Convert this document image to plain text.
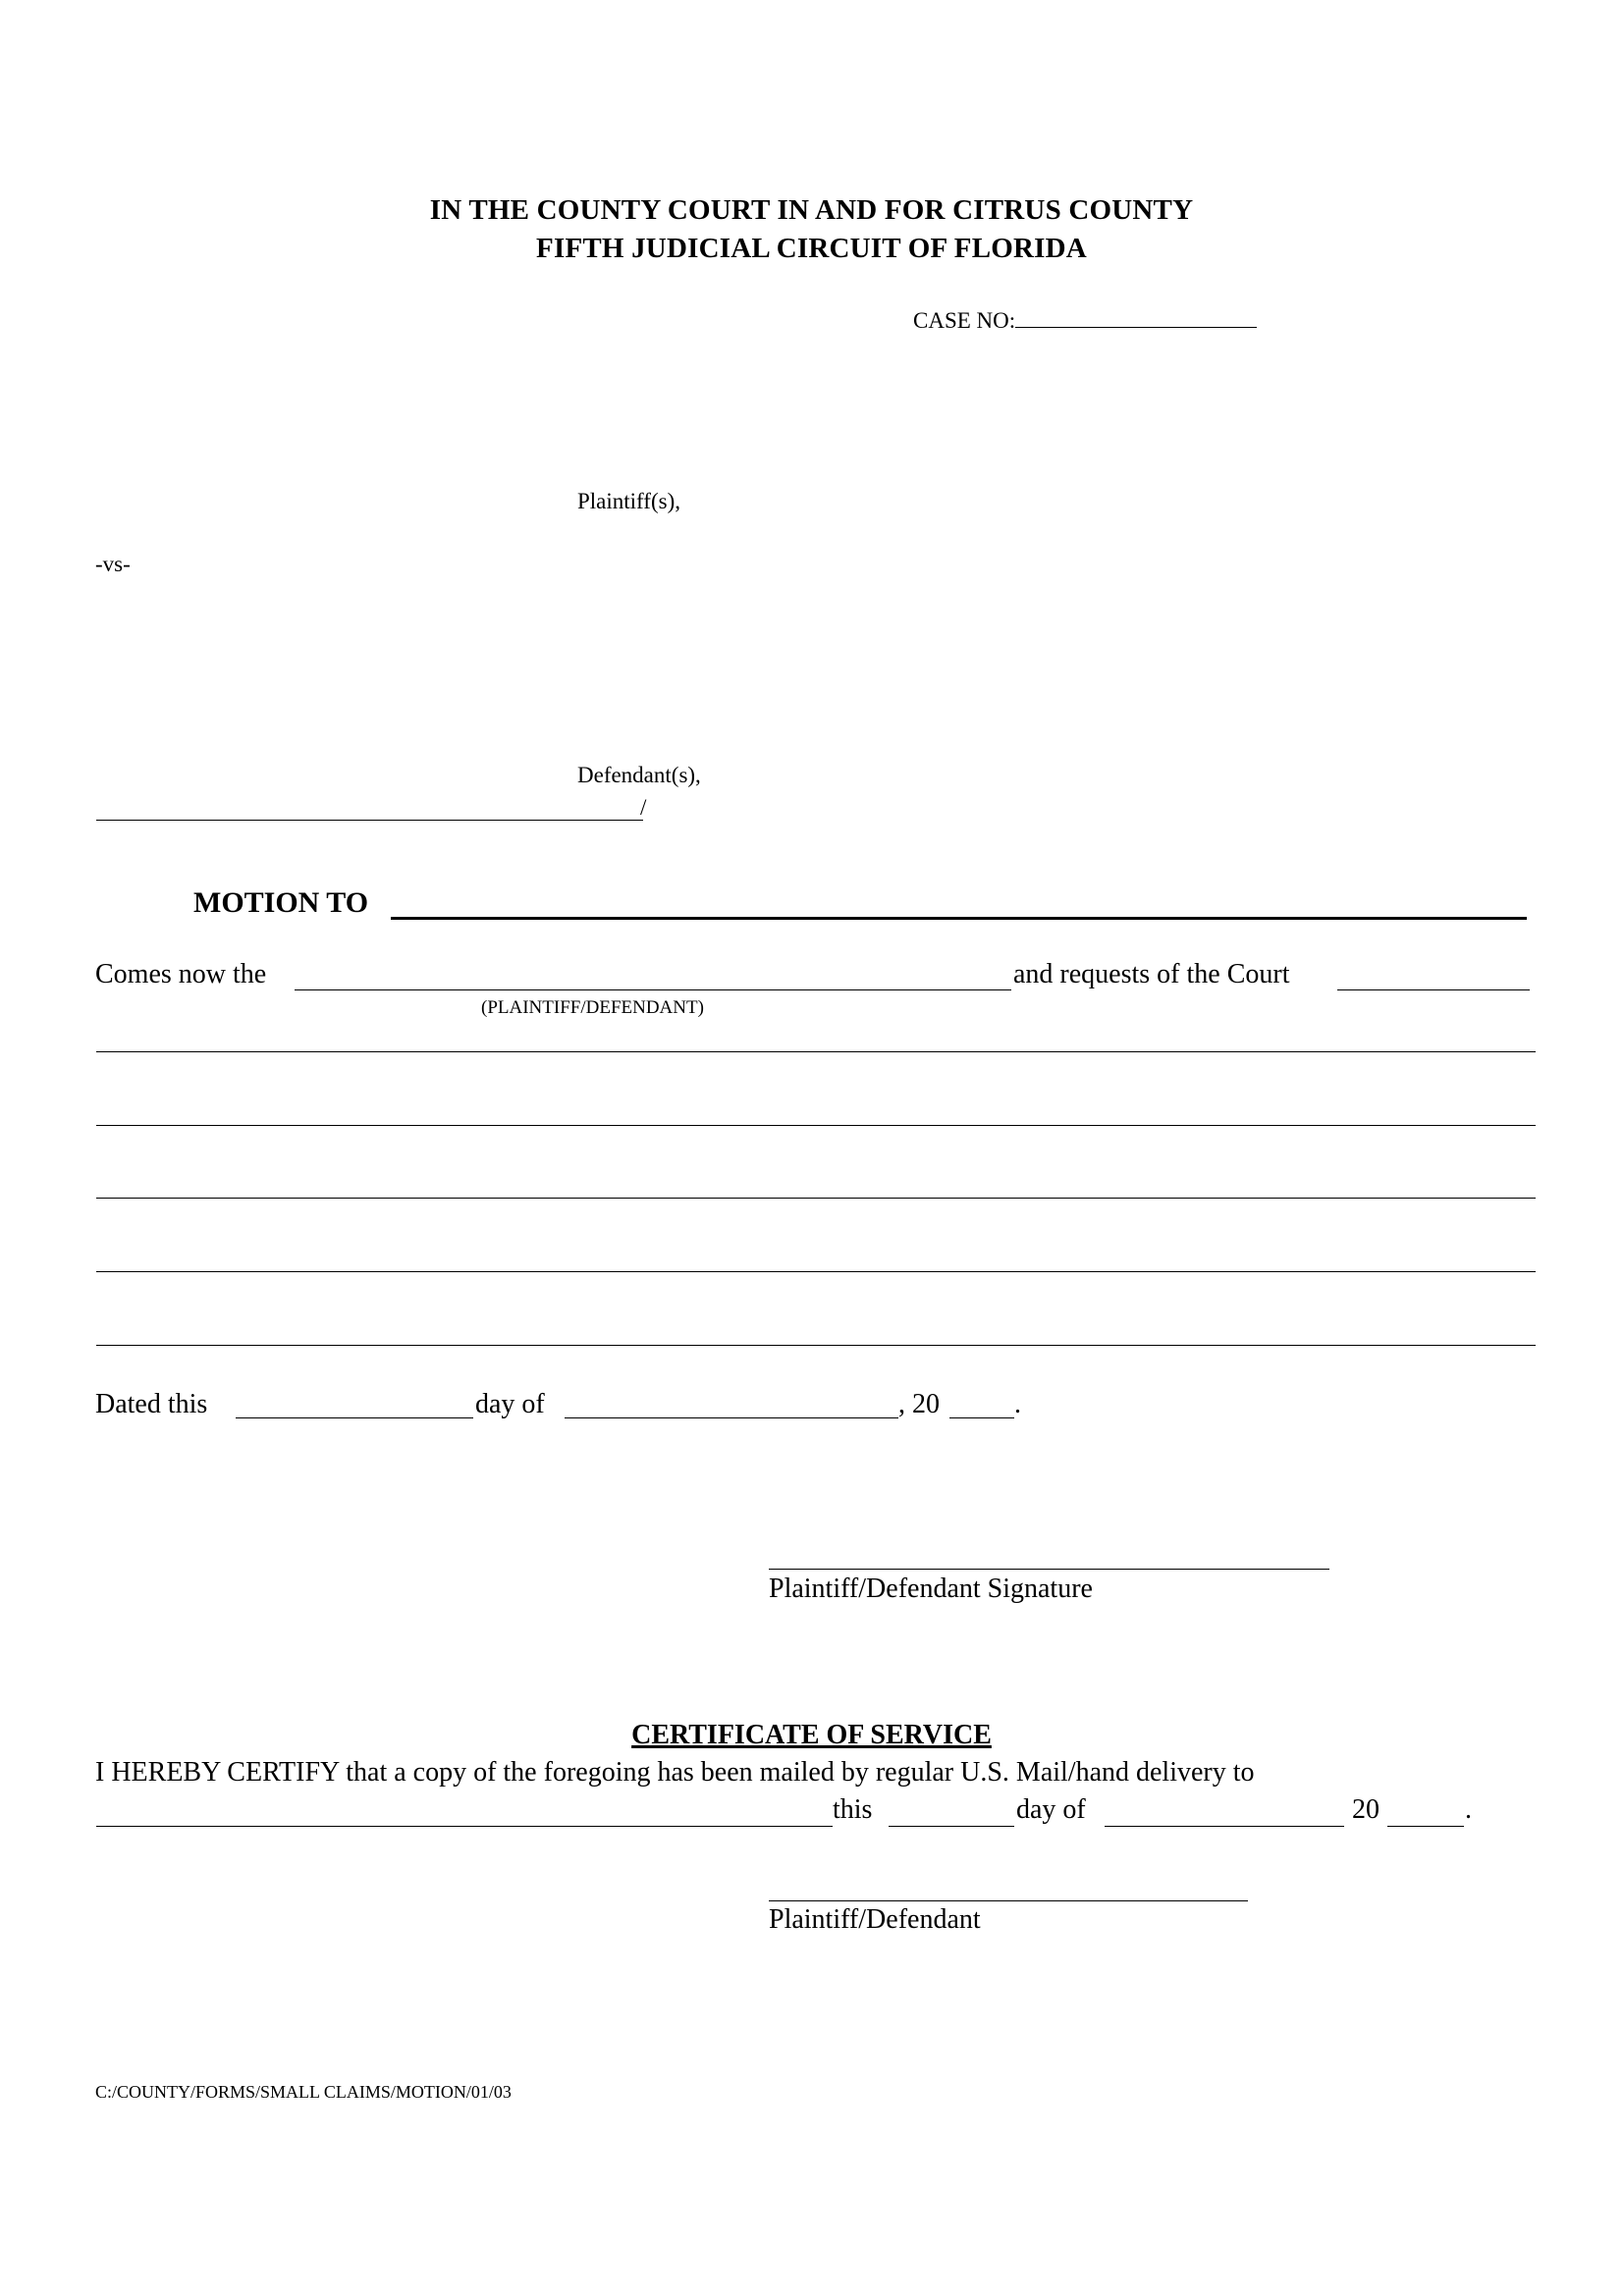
IN THE COUNTY COURT IN AND FOR CITRUS COUNTY
FIFTH JUDICIAL CIRCUIT OF FLORIDA
CASE NO:
Plaintiff(s),
-vs-
Defendant(s),
/
MOTION TO
Comes now the
(PLAINTIFF/DEFENDANT)
and requests of the Court
Dated this	day of	, 20	.
Plaintiff/Defendant Signature
CERTIFICATE OF SERVICE
I HEREBY CERTIFY that a copy of the foregoing has been mailed by regular U.S. Mail/hand delivery to
this	day of	20	.
Plaintiff/Defendant
C:/COUNTY/FORMS/SMALL CLAIMS/MOTION/01/03
